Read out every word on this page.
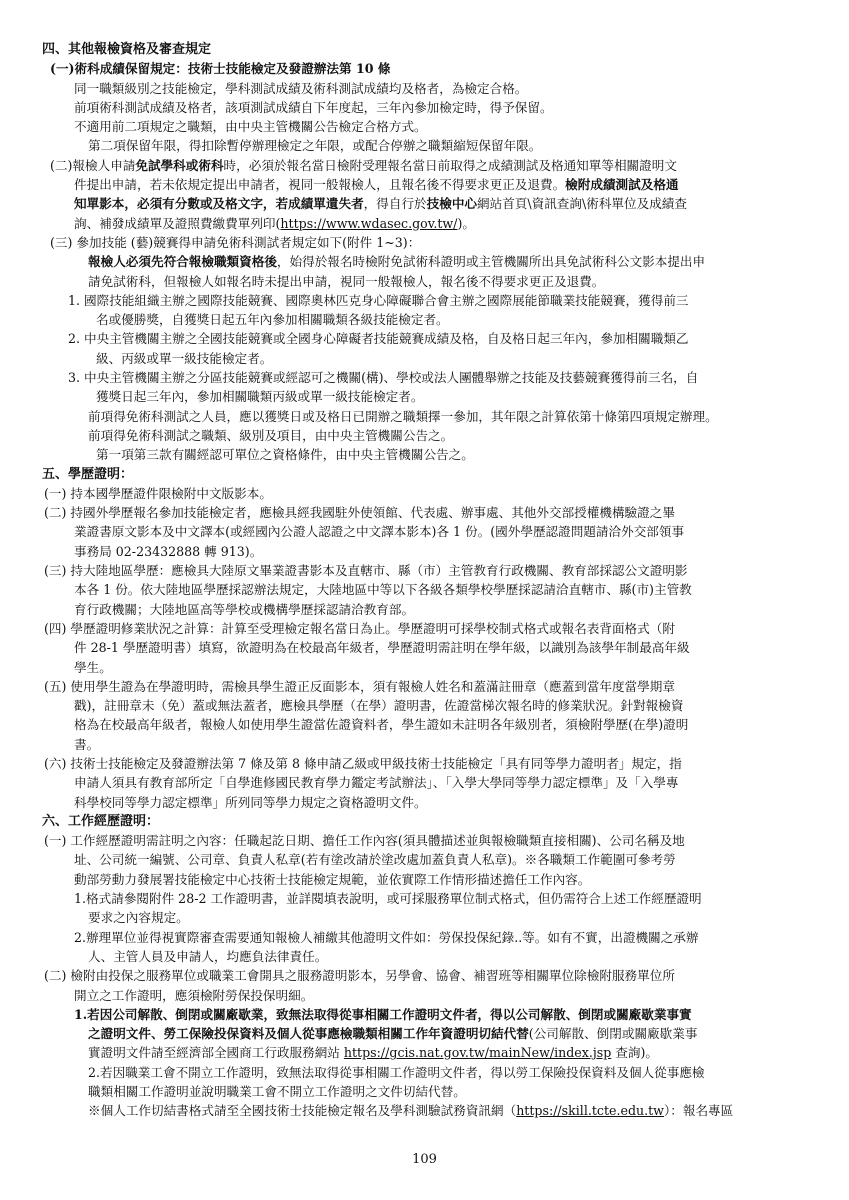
四、其他報檢資格及審查規定
(一)術科成績保留規定：技術士技能檢定及發證辦法第 10 條
同一職類級別之技能檢定，學科測試成績及術科測試成績均及格者，為檢定合格。
前項術科測試成績及格者，該項測試成績自下年度起，三年內參加檢定時，得予保留。
不適用前二項規定之職類，由中央主管機關公告檢定合格方式。
第二項保留年限，得扣除暫停辦理檢定之年限，或配合停辦之職類縮短保留年限。
(二)報檢人申請免試學科或術科時，必須於報名當日檢附受理報名當日前取得之成績測試及格通知單等相關證明文
件提出申請，若未依規定提出申請者，視同一般報檢人，且報名後不得要求更正及退費。檢附成績測試及格通
知單影本，必須有分數或及格文字，若成績單遺失者，得自行於技檢中心網站首頁\資訊查詢\術科單位及成績查
詢、補發成績單及證照費繳費單列印(https://www.wdasec.gov.tw/)。
(三) 參加技能 (藝)競賽得申請免術科測試者規定如下(附件 1~3)：
報檢人必須先符合報檢職類資格後，始得於報名時檢附免試術科證明或主管機關所出具免試術科公文影本提出申
請免試術科，但報檢人如報名時未提出申請，視同一般報檢人，報名後不得要求更正及退費。
1. 國際技能組織主辦之國際技能競賽、國際奧林匹克身心障礙聯合會主辦之國際展能節職業技能競賽，獲得前三
名或優勝獎，自獲獎日起五年內參加相關職類各級技能檢定者。
2. 中央主管機關主辦之全國技能競賽或全國身心障礙者技能競賽成績及格，自及格日起三年內，參加相關職類乙
級、丙級或單一級技能檢定者。
3. 中央主管機關主辦之分區技能競賽或經認可之機關(構)、學校或法人團體舉辦之技能及技藝競賽獲得前三名，自
獲獎日起三年內，參加相關職類丙級或單一級技能檢定者。
前項得免術科測試之人員，應以獲獎日或及格日已開辦之職類擇一參加，其年限之計算依第十條第四項規定辦理。
前項得免術科測試之職類、級別及項目，由中央主管機關公告之。
第一項第三款有關經認可單位之資格條件，由中央主管機關公告之。
五、學歷證明：
(一) 持本國學歷證件限檢附中文版影本。
(二) 持國外學歷報名參加技能檢定者，應檢具經我國駐外使領館、代表處、辦事處、其他外交部授權機構驗證之畢
業證書原文影本及中文譯本(或經國內公證人認證之中文譯本影本)各 1 份。(國外學歷認證問題請洽外交部領事
事務局 02-23432888 轉 913)。
(三) 持大陸地區學歷：應檢具大陸原文畢業證書影本及直轄市、縣（市）主管教育行政機關、教育部採認公文證明影
本各 1 份。依大陸地區學歷採認辦法規定，大陸地區中等以下各級各類學校學歷採認請洽直轄市、縣(市)主管教
育行政機關；大陸地區高等學校或機構學歷採認請洽教育部。
(四) 學歷證明修業狀況之計算：計算至受理檢定報名當日為止。學歷證明可採學校制式格式或報名表背面格式（附
件 28-1 學歷證明書）填寫，欲證明為在校最高年級者，學歷證明需註明在學年級，以識別為該學年制最高年級
學生。
(五) 使用學生證為在學證明時，需檢具學生證正反面影本，須有報檢人姓名和蓋滿註冊章（應蓋到當年度當學期章
戳)，註冊章未（免）蓋或無法蓋者，應檢具學歷（在學）證明書，佐證當梯次報名時的修業狀況。針對報檢資
格為在校最高年級者，報檢人如使用學生證當佐證資料者，學生證如未註明各年級別者，須檢附學歷(在學)證明
書。
(六) 技術士技能檢定及發證辦法第 7 條及第 8 條申請乙級或甲級技術士技能檢定「具有同等學力證明者」規定，指
申請人須具有教育部所定「自學進修國民教育學力鑑定考試辦法」、「入學大學同等學力認定標準」及「入學專
科學校同等學力認定標準」所列同等學力規定之資格證明文件。
六、工作經歷證明：
(一) 工作經歷證明需註明之內容：任職起訖日期、擔任工作內容(須具體描述並與報檢職類直接相關)、公司名稱及地
址、公司統一編號、公司章、負責人私章(若有塗改請於塗改處加蓋負責人私章)。※各職類工作範圍可參考勞
動部勞動力發展署技能檢定中心技術士技能檢定規範，並依實際工作情形描述擔任工作內容。
1.格式請參閱附件 28-2 工作證明書，並詳閱填表說明，或可採服務單位制式格式，但仍需符合上述工作經歷證明
要求之內容規定。
2.辦理單位並得視實際審查需要通知報檢人補繳其他證明文件如：勞保投保紀錄..等。如有不實，出證機關之承辦
人、主管人員及申請人，均應負法律責任。
(二) 檢附由投保之服務單位或職業工會開具之服務證明影本，另學會、協會、補習班等相關單位除檢附服務單位所
開立之工作證明，應須檢附勞保投保明細。
1.若因公司解散、倒閉或關廠歇業，致無法取得從事相關工作證明文件者，得以公司解散、倒閉或關廠歇業事實
之證明文件、勞工保險投保資料及個人從事應檢職類相關工作年資證明切結代替(公司解散、倒閉或關廠歇業事
實證明文件請至經濟部全國商工行政服務網站 https://gcis.nat.gov.tw/mainNew/index.jsp 查詢)。
2.若因職業工會不開立工作證明，致無法取得從事相關工作證明文件者，得以勞工保險投保資料及個人從事應檢
職類相關工作證明並說明職業工會不開立工作證明之文件切結代替。
※個人工作切結書格式請至全國技術士技能檢定報名及學科測驗試務資訊網（https://skill.tcte.edu.tw）：報名專區
109
